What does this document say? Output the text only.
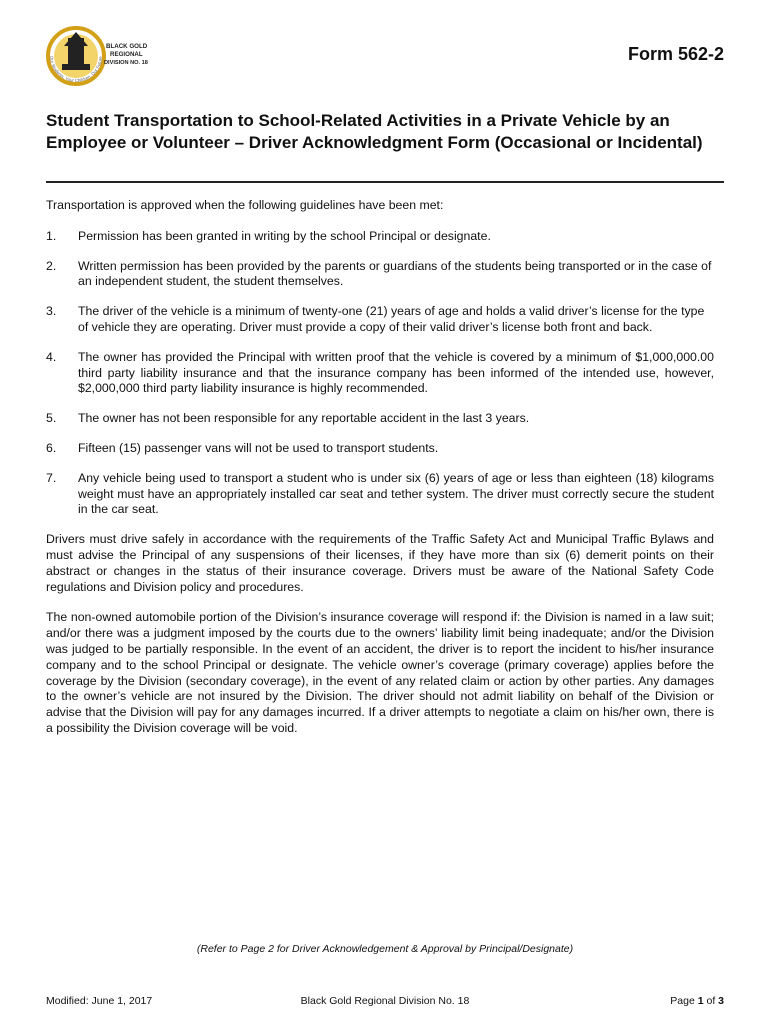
Our Students, Your Children, Our Future
BLACK GOLD
REGIONAL
DIVISION NO. 18	Form 562-2
Student Transportation to School-Related Activities in a Private Vehicle by an Employee or Volunteer – Driver Acknowledgment Form (Occasional or Incidental)

Transportation is approved when the following guidelines have been met:

1.	Permission has been granted in writing by the school Principal or designate.
2.	Written permission has been provided by the parents or guardians of the students being transported or in the case of an independent student, the student themselves.
3.	The driver of the vehicle is a minimum of twenty-one (21) years of age and holds a valid driver’s license for the type of vehicle they are operating. Driver must provide a copy of their valid driver’s license both front and back.
4.	The owner has provided the Principal with written proof that the vehicle is covered by a minimum of $1,000,000.00 third party liability insurance and that the insurance company has been informed of the intended use, however, $2,000,000 third party liability insurance is highly recommended.
5.	The owner has not been responsible for any reportable accident in the last 3 years.
6.	Fifteen (15) passenger vans will not be used to transport students.
7.	Any vehicle being used to transport a student who is under six (6) years of age or less than eighteen (18) kilograms weight must have an appropriately installed car seat and tether system. The driver must correctly secure the student in the car seat.

Drivers must drive safely in accordance with the requirements of the Traffic Safety Act and Municipal Traffic Bylaws and must advise the Principal of any suspensions of their licenses, if they have more than six (6) demerit points on their abstract or changes in the status of their insurance coverage. Drivers must be aware of the National Safety Code regulations and Division policy and procedures.

The non-owned automobile portion of the Division’s insurance coverage will respond if: the Division is named in a law suit; and/or there was a judgment imposed by the courts due to the owners’ liability limit being inadequate; and/or the Division was judged to be partially responsible. In the event of an accident, the driver is to report the incident to his/her insurance company and to the school Principal or designate. The vehicle owner’s coverage (primary coverage) applies before the coverage by the Division (secondary coverage), in the event of any related claim or action by other parties. Any damages to the owner’s vehicle are not insured by the Division. The driver should not admit liability on behalf of the Division or advise that the Division will pay for any damages incurred. If a driver attempts to negotiate a claim on his/her own, there is a possibility the Division coverage will be void.

(Refer to Page 2 for Driver Acknowledgement & Approval by Principal/Designate)
Modified: June 1, 2017	Black Gold Regional Division No. 18	Page 1 of 3
